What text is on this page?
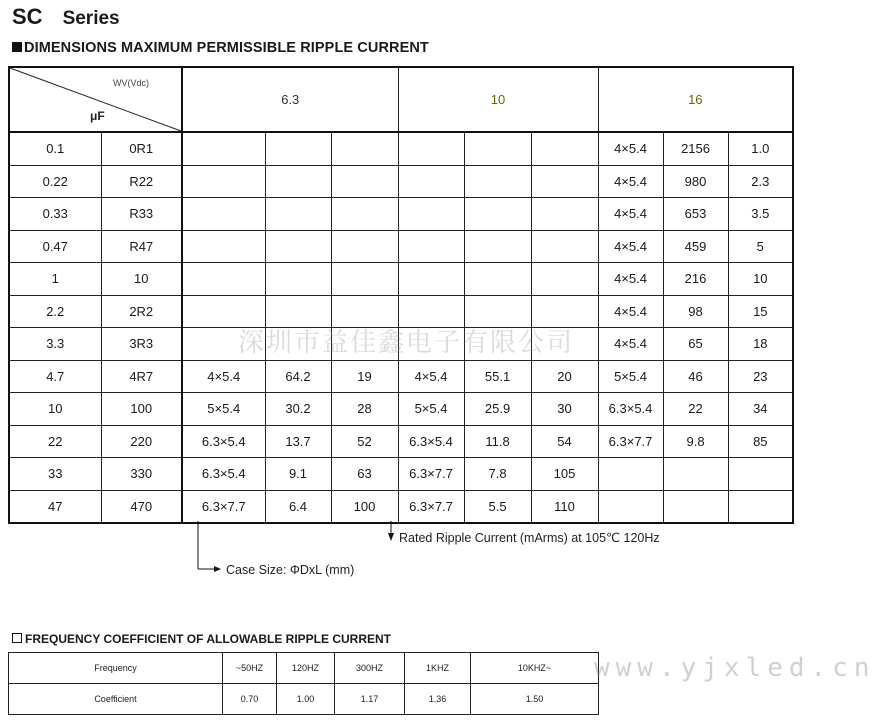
SC Series
DIMENSIONS MAXIMUM PERMISSIBLE RIPPLE CURRENT
WV(Vdc)
μF		6.3			10			16		
0.1	0R1							4×5.4	2156	1.0
0.22	R22							4×5.4	980	2.3
0.33	R33							4×5.4	653	3.5
0.47	R47							4×5.4	459	5
1	10							4×5.4	216	10
2.2	2R2							4×5.4	98	15
3.3	3R3							4×5.4	65	18
4.7	4R7	4×5.4	64.2	19	4×5.4	55.1	20	5×5.4	46	23
10	100	5×5.4	30.2	28	5×5.4	25.9	30	6.3×5.4	22	34
22	220	6.3×5.4	13.7	52	6.3×5.4	11.8	54	6.3×7.7	9.8	85
33	330	6.3×5.4	9.1	63	6.3×7.7	7.8	105			
47	470	6.3×7.7	6.4	100	6.3×7.7	5.5	110			
深圳市益佳鑫电子有限公司
Rated Ripple Current (mArms) at 105℃ 120Hz
Case Size: ΦDxL (mm)
FREQUENCY COEFFICIENT OF ALLOWABLE RIPPLE CURRENT
Frequency	~50HZ	120HZ	300HZ	1KHZ	10KHZ~
Coefficient	0.70	1.00	1.17	1.36	1.50
www.yjxled.cn
